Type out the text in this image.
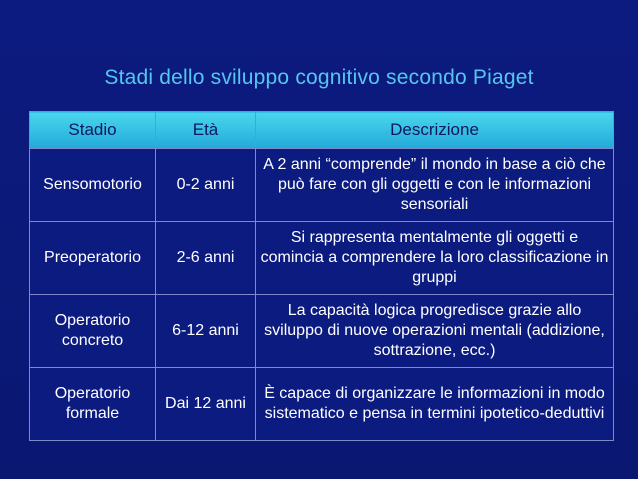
Stadi dello sviluppo cognitivo secondo Piaget
Stadio	Età	Descrizione
Sensomotorio	0-2 anni	A 2 anni “comprende” il mondo in base a ciò che può fare con gli oggetti e con le informazioni sensoriali
Preoperatorio	2-6 anni	Si rappresenta mentalmente gli oggetti e comincia a comprendere la loro classificazione in gruppi
Operatorio concreto	6-12 anni	La capacità logica progredisce grazie allo sviluppo di nuove operazioni mentali (addizione, sottrazione, ecc.)
Operatorio formale	Dai 12 anni	È capace di organizzare le informazioni in modo sistematico e pensa in termini ipotetico-deduttivi
